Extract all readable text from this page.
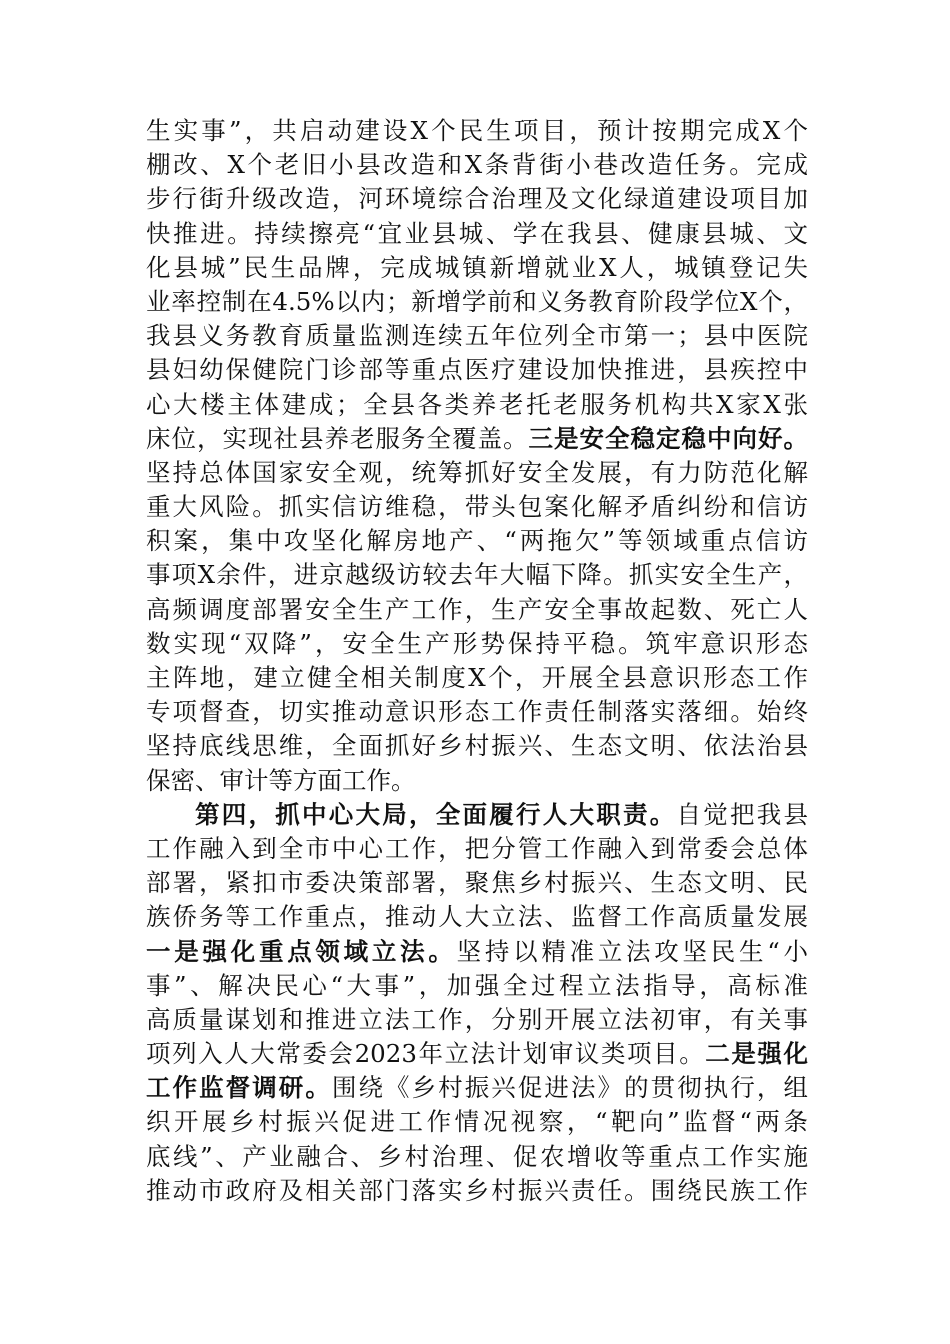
生实事”，共启动建设X个民生项目，预计按期完成X个
棚改、X个老旧小县改造和X条背街小巷改造任务。完成
步行街升级改造，河环境综合治理及文化绿道建设项目加
快推进。持续擦亮“宜业县城、学在我县、健康县城、文
化县城”民生品牌，完成城镇新增就业X人，城镇登记失
业率控制在4.5%以内；新增学前和义务教育阶段学位X个，
我县义务教育质量监测连续五年位列全市第一；县中医院
县妇幼保健院门诊部等重点医疗建设加快推进，县疾控中
心大楼主体建成；全县各类养老托老服务机构共X家X张
床位，实现社县养老服务全覆盖。三是安全稳定稳中向好。
坚持总体国家安全观，统筹抓好安全发展，有力防范化解
重大风险。抓实信访维稳，带头包案化解矛盾纠纷和信访
积案，集中攻坚化解房地产、“两拖欠”等领域重点信访
事项X余件，进京越级访较去年大幅下降。抓实安全生产，
高频调度部署安全生产工作，生产安全事故起数、死亡人
数实现“双降”，安全生产形势保持平稳。筑牢意识形态
主阵地，建立健全相关制度X个，开展全县意识形态工作
专项督查，切实推动意识形态工作责任制落实落细。始终
坚持底线思维，全面抓好乡村振兴、生态文明、依法治县
保密、审计等方面工作。
第四，抓中心大局，全面履行人大职责。自觉把我县
工作融入到全市中心工作，把分管工作融入到常委会总体
部署，紧扣市委决策部署，聚焦乡村振兴、生态文明、民
族侨务等工作重点，推动人大立法、监督工作高质量发展
一是强化重点领域立法。坚持以精准立法攻坚民生“小
事”、解决民心“大事”，加强全过程立法指导，高标准
高质量谋划和推进立法工作，分别开展立法初审，有关事
项列入人大常委会2023年立法计划审议类项目。二是强化
工作监督调研。围绕《乡村振兴促进法》的贯彻执行，组
织开展乡村振兴促进工作情况视察，“靶向”监督“两条
底线”、产业融合、乡村治理、促农增收等重点工作实施
推动市政府及相关部门落实乡村振兴责任。围绕民族工作
